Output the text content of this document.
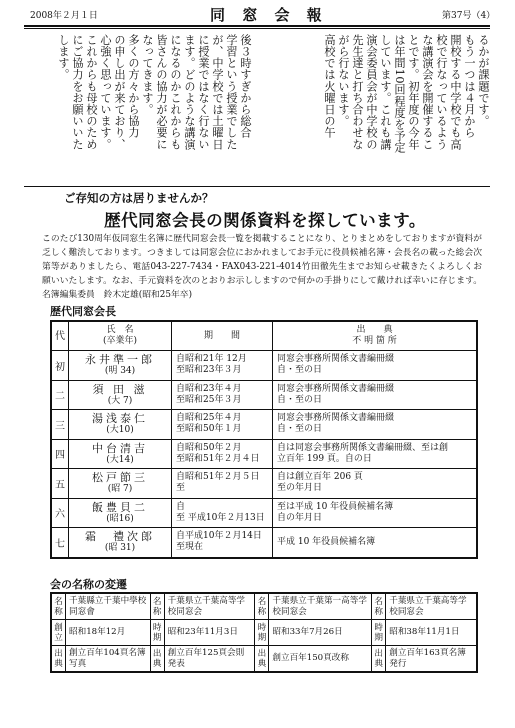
2008年２月１日	同 窓 会 報	第37号（4）
るかが課題です。
もう一つは４月から
開校する中学校でも高
校で行なっているよう
な講演会を開催するこ
とです。初年度の今年
は年間10回程度を予定
しています。これも講
演会委員会が中学校の
先生達と打ち合わせな
がら行ないます。
高校では火曜日の午
後３時すぎから総合
学習という授業でした
が、中学校では土曜日
に授業ではなく行ない
ます。どのような講演
になるのかこれからも
皆さんの協力が必要に
なってきます。
多くの方々から協力
の申し出が来ており、
心強く思っています。
これからも母校のため
にご協力をお願いいた
します。
ご存知の方は居りませんか？
歴代同窓会長の関係資料を探しています。
このたび130周年仮同窓生名簿に歴代同窓会長一覧を掲載することになり、とりまとめをしておりますが資料が乏しく難渋しております。つきましては同窓会位におかれましてお手元に役員候補名簿・会長名の載った総会次第等がありましたら、電話043-227-7434・FAX043-221-4014竹田徹先生までお知らせ載きたくよろしくお願いいたします。なお、手元資料を次のとおりお示ししますので何かの手掛りにして戴ければ幸いに存じます。 名簿編集委員　鈴木定雄(昭和25年卒)
歴代同窓会長
代	氏　名
(卒業年)	期　　間	出　　典
不 明 箇 所

初	永井準一郎
(明 34)	自昭和21年 12月
至昭和23年３月	同窓会事務所関係文書編冊綴
自・至の日

二	須 田 滋
(大 7)	自昭和23年４月
至昭和25年３月	同窓会事務所関係文書編冊綴
自・至の日

三	湯浅泰仁
(大10)	自昭和25年４月
至昭和50年１月	同窓会事務所関係文書編冊綴
自・至の日

四	中台清吉
(大14)	自昭和50年２月
至昭和51年２月４日	自は同窓会事務所関係文書編冊綴、至は創
立百年 199 頁。自の日

五	松戸節三
(昭 7)	自昭和51年２月５日
至	自は創立百年 206 頁
至の年月日

六	飯豊貝二
(昭16)	自
至 平成10年２月13日	至は平成 10 年役員候補名簿
自の年月日

七	霜　禮次郎
(昭 31)	自平成10年２月14日
至現在	平成 10 年役員候補名簿
会の名称の変遷
名称	千葉縣立千葉中學校同窓會	名称	千葉県立千葉高等学校同窓会	名称	千葉県立千葉第一高等学校同窓会	名称	千葉県立千葉高等学校同窓会
創立	昭和18年12月	時期	昭和23年11月3日	時期	昭和33年7月26日	時期	昭和38年11月1日
出典	創立百年104頁名簿写真	出典	創立百年125頁会則発表	出典	創立百年150頁改称	出典	創立百年163頁名簿発行
